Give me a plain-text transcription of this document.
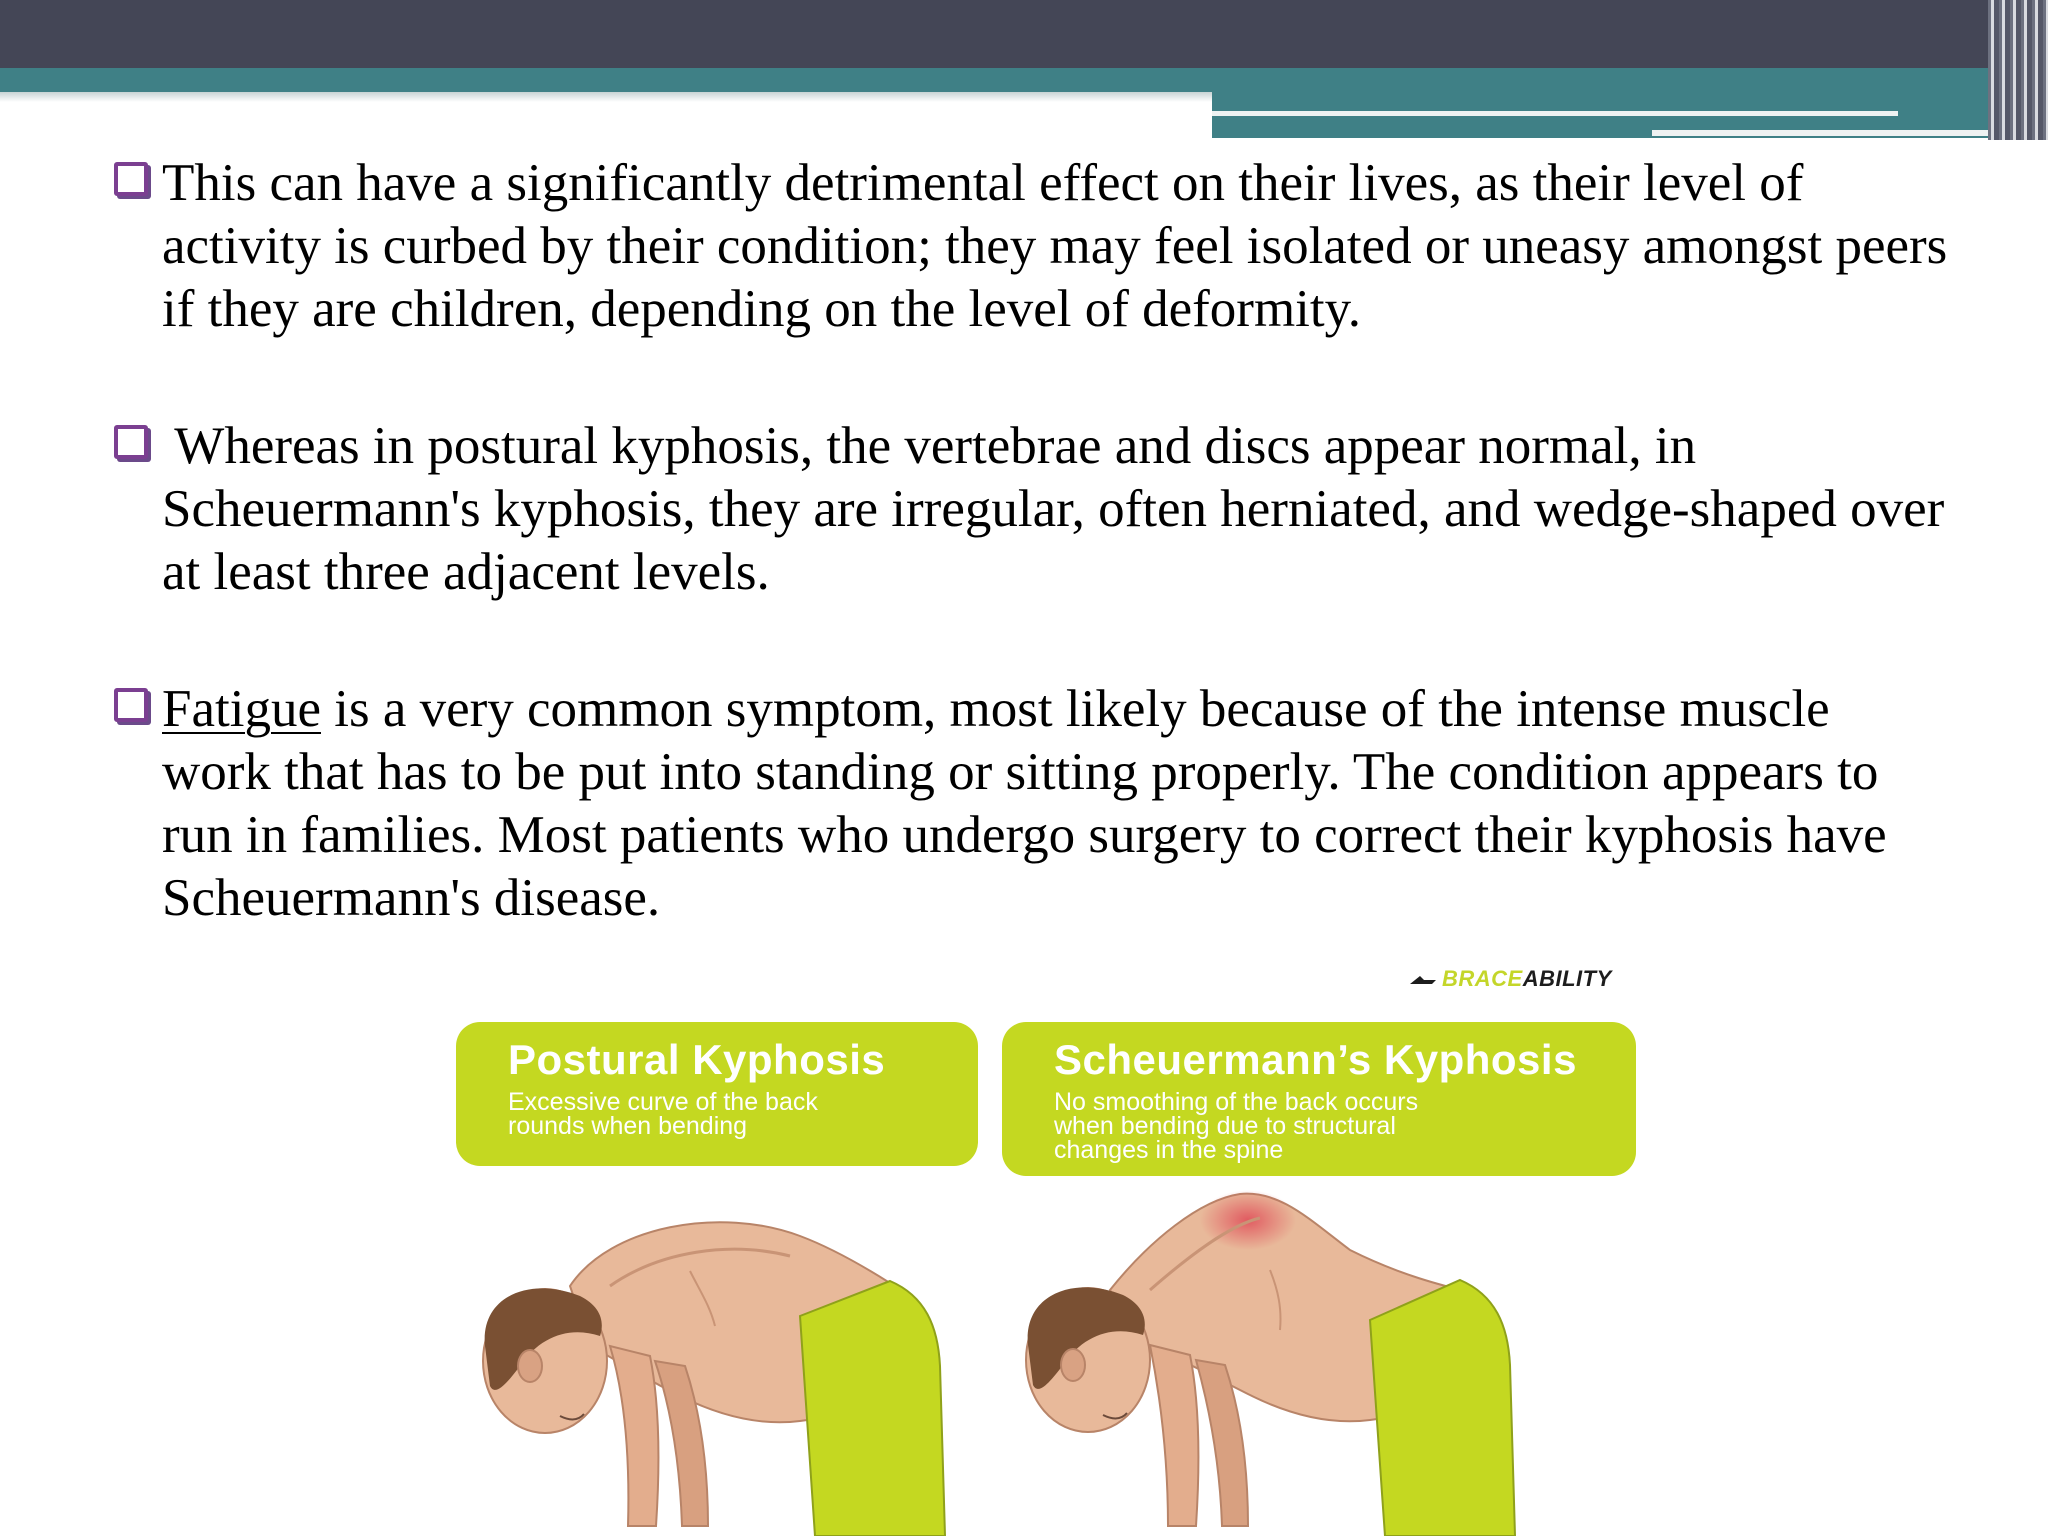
This can have a significantly detrimental effect on their lives, as their level of activity is curbed by their condition; they may feel isolated or uneasy amongst peers if they are children, depending on the level of deformity.
Whereas in postural kyphosis, the vertebrae and discs appear normal, in Scheuermann's kyphosis, they are irregular, often herniated, and wedge-shaped over at least three adjacent levels.
Fatigue is a very common symptom, most likely because of the intense muscle work that has to be put into standing or sitting properly. The condition appears to run in families. Most patients who undergo surgery to correct their kyphosis have Scheuermann's disease.
BRACEABILITY
Postural Kyphosis
Excessive curve of the back
rounds when bending
Scheuermann’s Kyphosis
No smoothing of the back occurs
when bending due to structural
changes in the spine
